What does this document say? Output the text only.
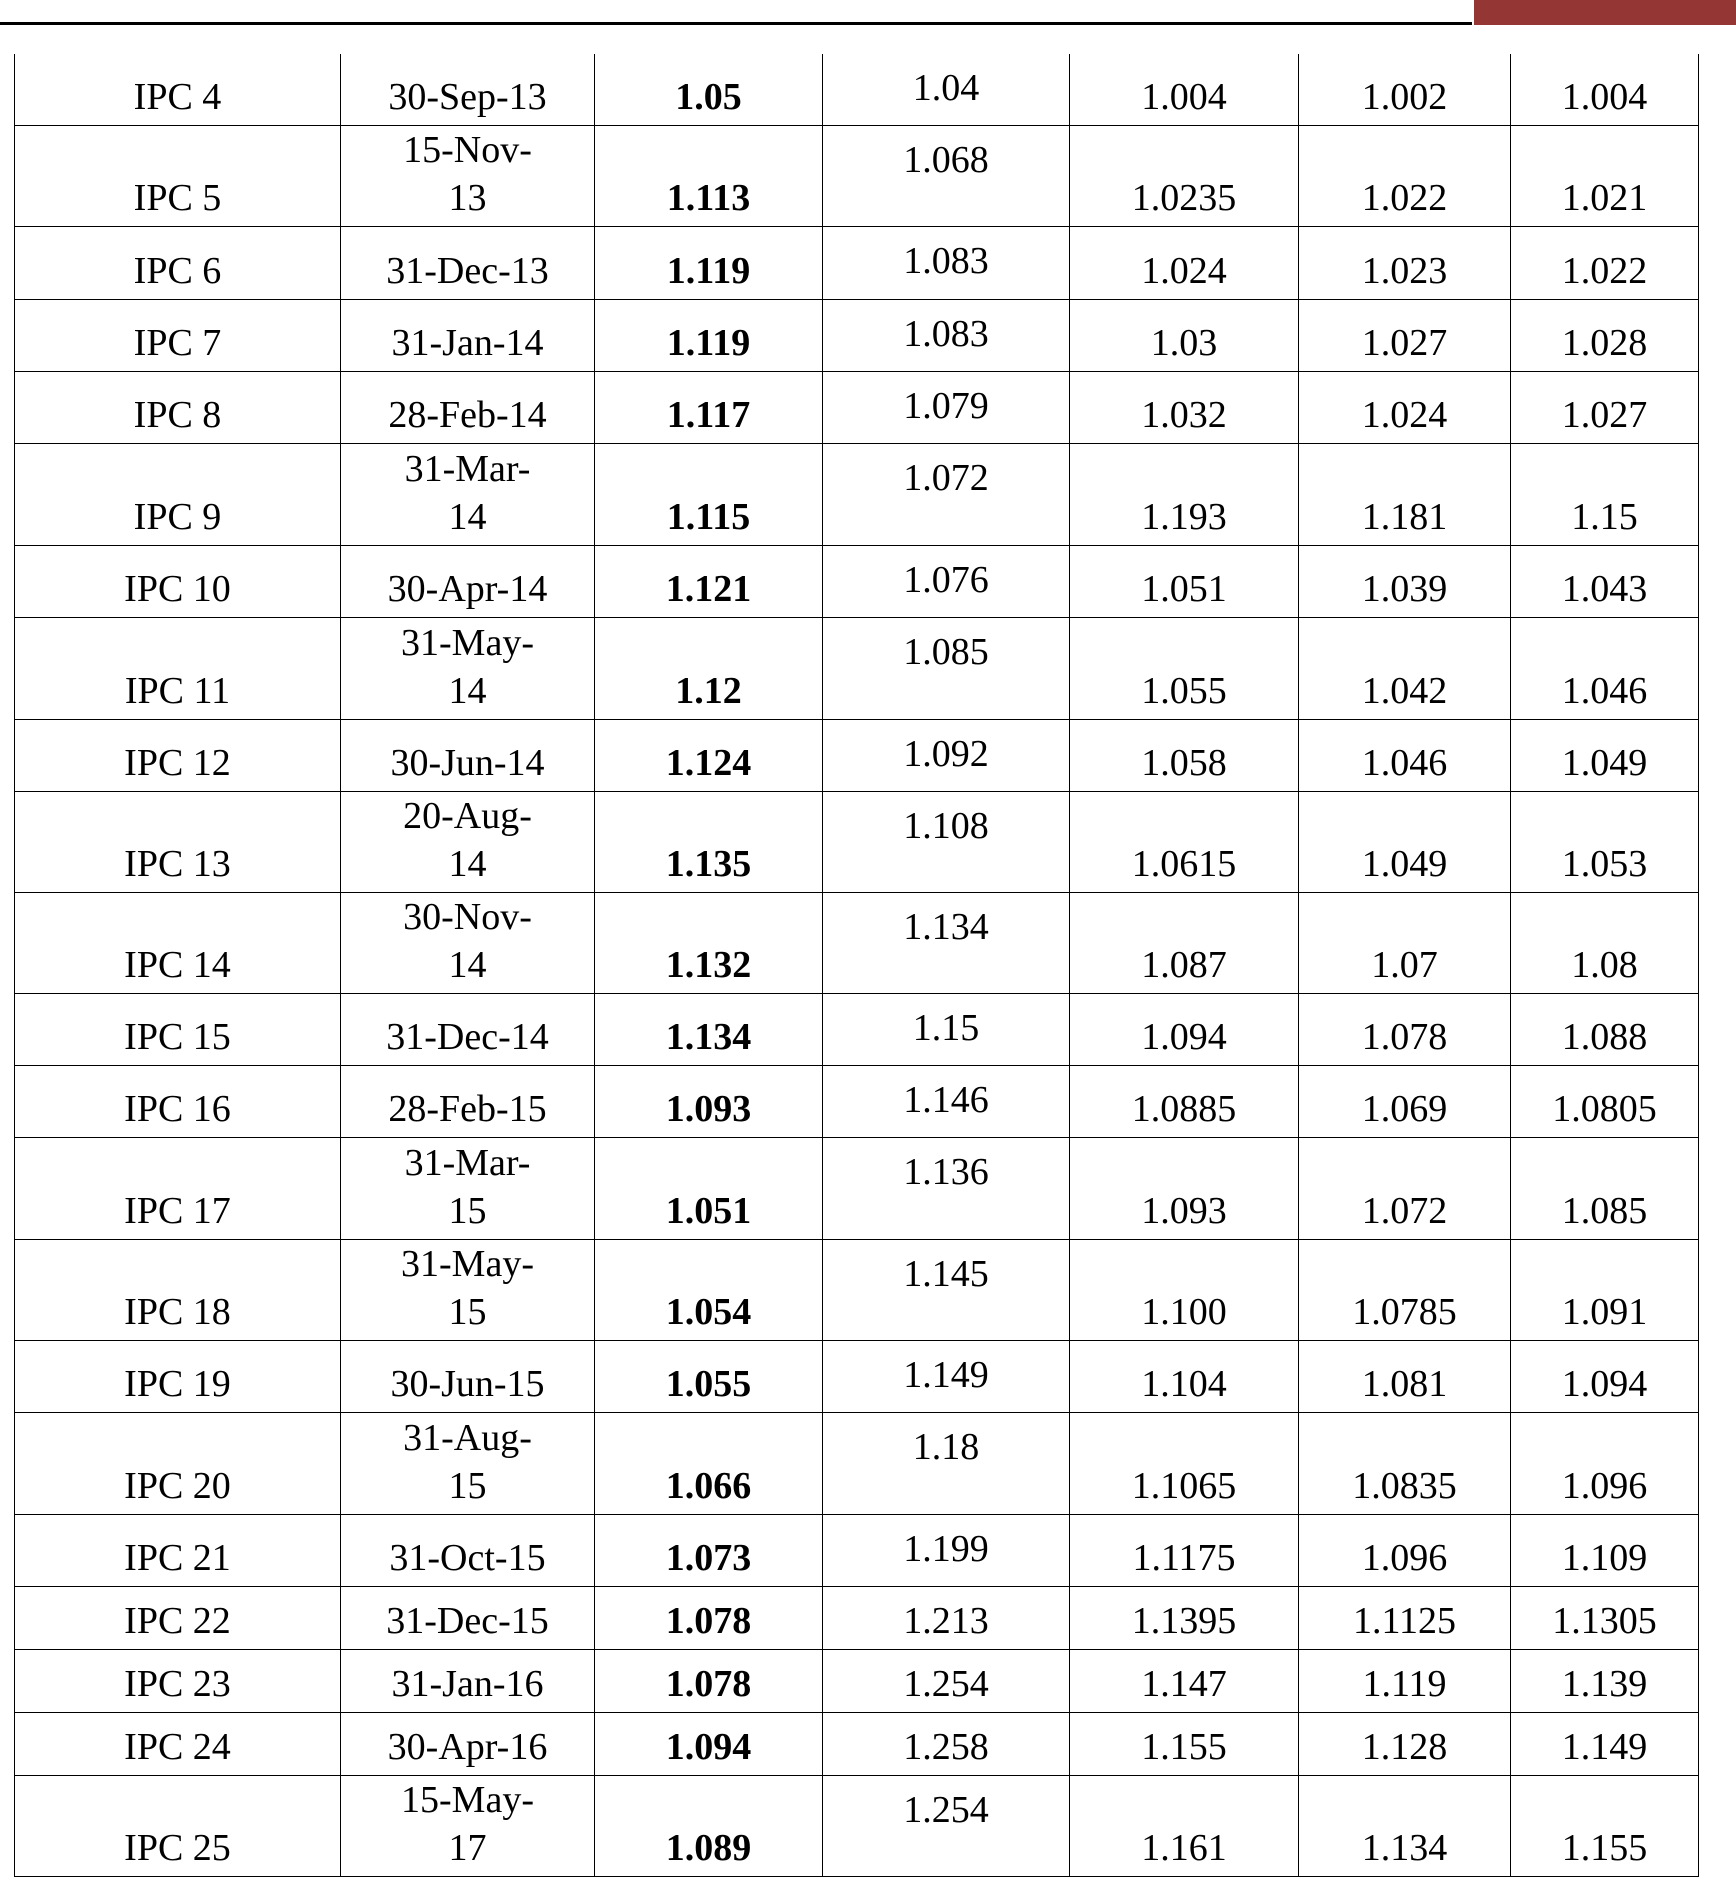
IPC 4	30-Sep-13	1.05	1.04	1.004	1.002	1.004
IPC 5	15-Nov-13	1.113	1.068	1.0235	1.022	1.021
IPC 6	31-Dec-13	1.119	1.083	1.024	1.023	1.022
IPC 7	31-Jan-14	1.119	1.083	1.03	1.027	1.028
IPC 8	28-Feb-14	1.117	1.079	1.032	1.024	1.027
IPC 9	31-Mar-14	1.115	1.072	1.193	1.181	1.15
IPC 10	30-Apr-14	1.121	1.076	1.051	1.039	1.043
IPC 11	31-May-14	1.12	1.085	1.055	1.042	1.046
IPC 12	30-Jun-14	1.124	1.092	1.058	1.046	1.049
IPC 13	20-Aug-14	1.135	1.108	1.0615	1.049	1.053
IPC 14	30-Nov-14	1.132	1.134	1.087	1.07	1.08
IPC 15	31-Dec-14	1.134	1.15	1.094	1.078	1.088
IPC 16	28-Feb-15	1.093	1.146	1.0885	1.069	1.0805
IPC 17	31-Mar-15	1.051	1.136	1.093	1.072	1.085
IPC 18	31-May-15	1.054	1.145	1.100	1.0785	1.091
IPC 19	30-Jun-15	1.055	1.149	1.104	1.081	1.094
IPC 20	31-Aug-15	1.066	1.18	1.1065	1.0835	1.096
IPC 21	31-Oct-15	1.073	1.199	1.1175	1.096	1.109
IPC 22	31-Dec-15	1.078	1.213	1.1395	1.1125	1.1305
IPC 23	31-Jan-16	1.078	1.254	1.147	1.119	1.139
IPC 24	30-Apr-16	1.094	1.258	1.155	1.128	1.149
IPC 25	15-May-17	1.089	1.254	1.161	1.134	1.155
